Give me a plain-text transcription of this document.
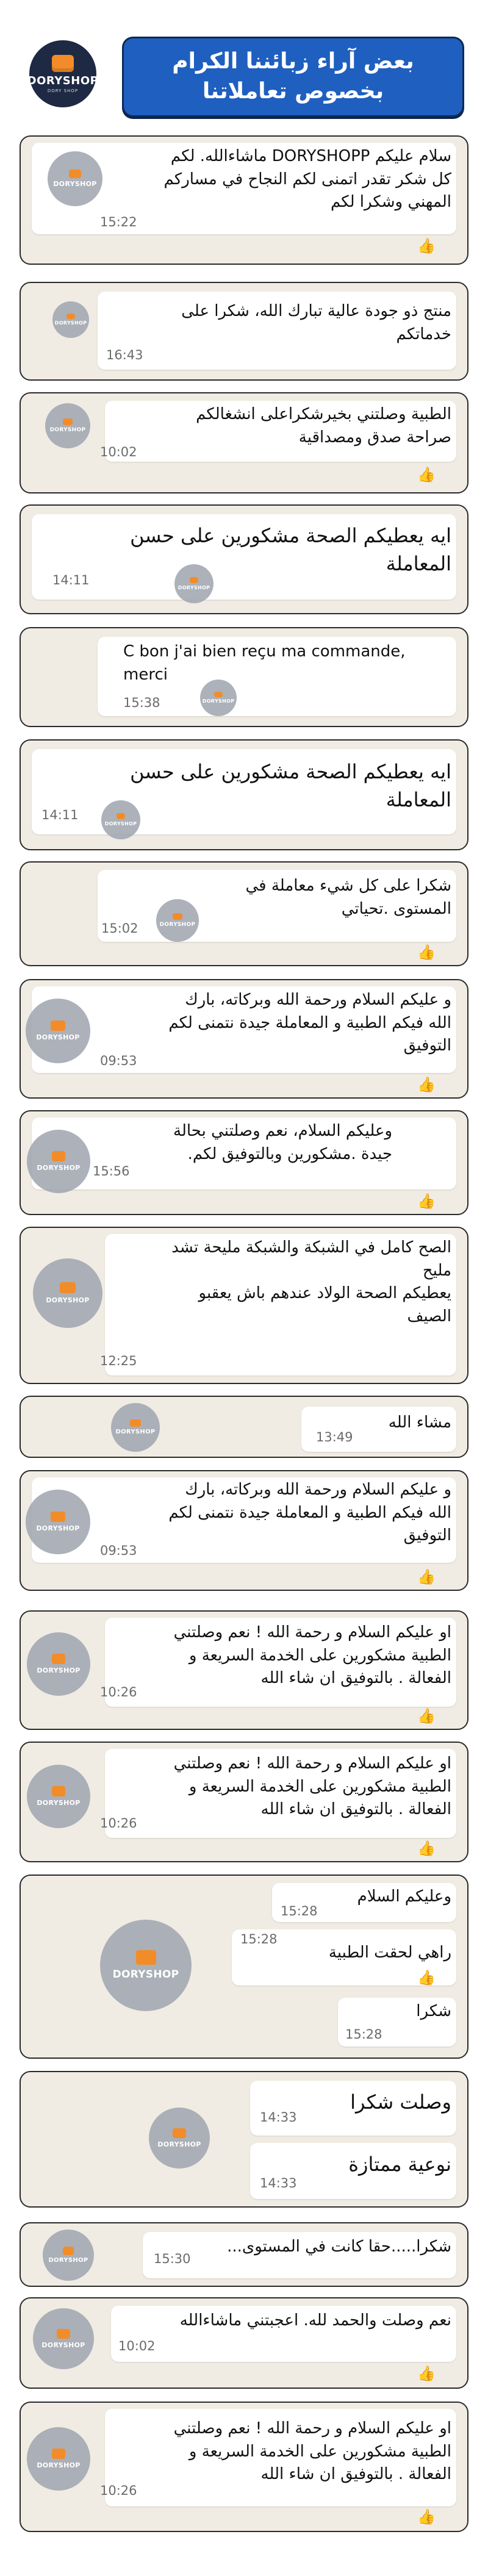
DORYSHOP
DORY SHOP
بعض آراء زبائننا الكرام
بخصوص تعاملاتنا
سلام عليكم DORYSHOPP ماشاءالله. لكم
كل شكر تقدر اتمنى لكم النجاح في مساركم
المهني وشكرا لكم
15:22
DORYSHOP
👍
منتج ذو جودة عالية تبارك الله، شكرا على
خدماتكم
16:43
DORYSHOP
الطبية وصلتني بخيرشكراعلى انشغالكم
صراحة صدق ومصداقية
10:02
DORYSHOP
👍
ايه يعطيكم الصحة مشكورين على حسن
المعاملة
14:11
DORYSHOP
C bon j'ai bien reçu ma commande,
merci
15:38	DORYSHOP
ايه يعطيكم الصحة مشكورين على حسن
المعاملة
14:11
DORYSHOP
شكرا على كل شيء معاملة في
المستوى .تحياتي
15:02	DORYSHOP
👍
و عليكم السلام ورحمة الله وبركاته، بارك
الله فيكم الطبية و المعاملة جيدة نتمنى لكم
التوفيق
09:53
DORYSHOP
👍
وعليكم السلام، نعم وصلتني بحالة
جيدة .مشكورين وبالتوفيق لكم.
15:56
DORYSHOP
👍
الصح كامل في الشبكة والشبكة مليحة تشد
مليح
يعطيكم الصحة الولاد عندهم باش يعقبو
الصيف
12:25
DORYSHOP
مشاء الله
13:49
DORYSHOP
و عليكم السلام ورحمة الله وبركاته، بارك
الله فيكم الطبية و المعاملة جيدة نتمنى لكم
التوفيق
09:53
DORYSHOP
👍
او عليكم السلام و رحمة الله ! نعم وصلتني
الطبية مشكورين على الخدمة السريعة و
الفعالة . بالتوفيق ان شاء الله
10:26
DORYSHOP
👍
او عليكم السلام و رحمة الله ! نعم وصلتني
الطبية مشكورين على الخدمة السريعة و
الفعالة . بالتوفيق ان شاء الله
10:26
DORYSHOP
👍
وعليكم السلام
15:28
راهي لحقت الطبية
15:28
👍
شكرا
15:28
DORYSHOP
وصلت شكرا
14:33
نوعية ممتازة
14:33
DORYSHOP
شكرا.....حقا كانت في المستوى...
15:30
DORYSHOP
نعم وصلت والحمد لله. اعجبتني ماشاءالله
10:02
DORYSHOP
👍
او عليكم السلام و رحمة الله ! نعم وصلتني
الطبية مشكورين على الخدمة السريعة و
الفعالة . بالتوفيق ان شاء الله
10:26
DORYSHOP
👍
